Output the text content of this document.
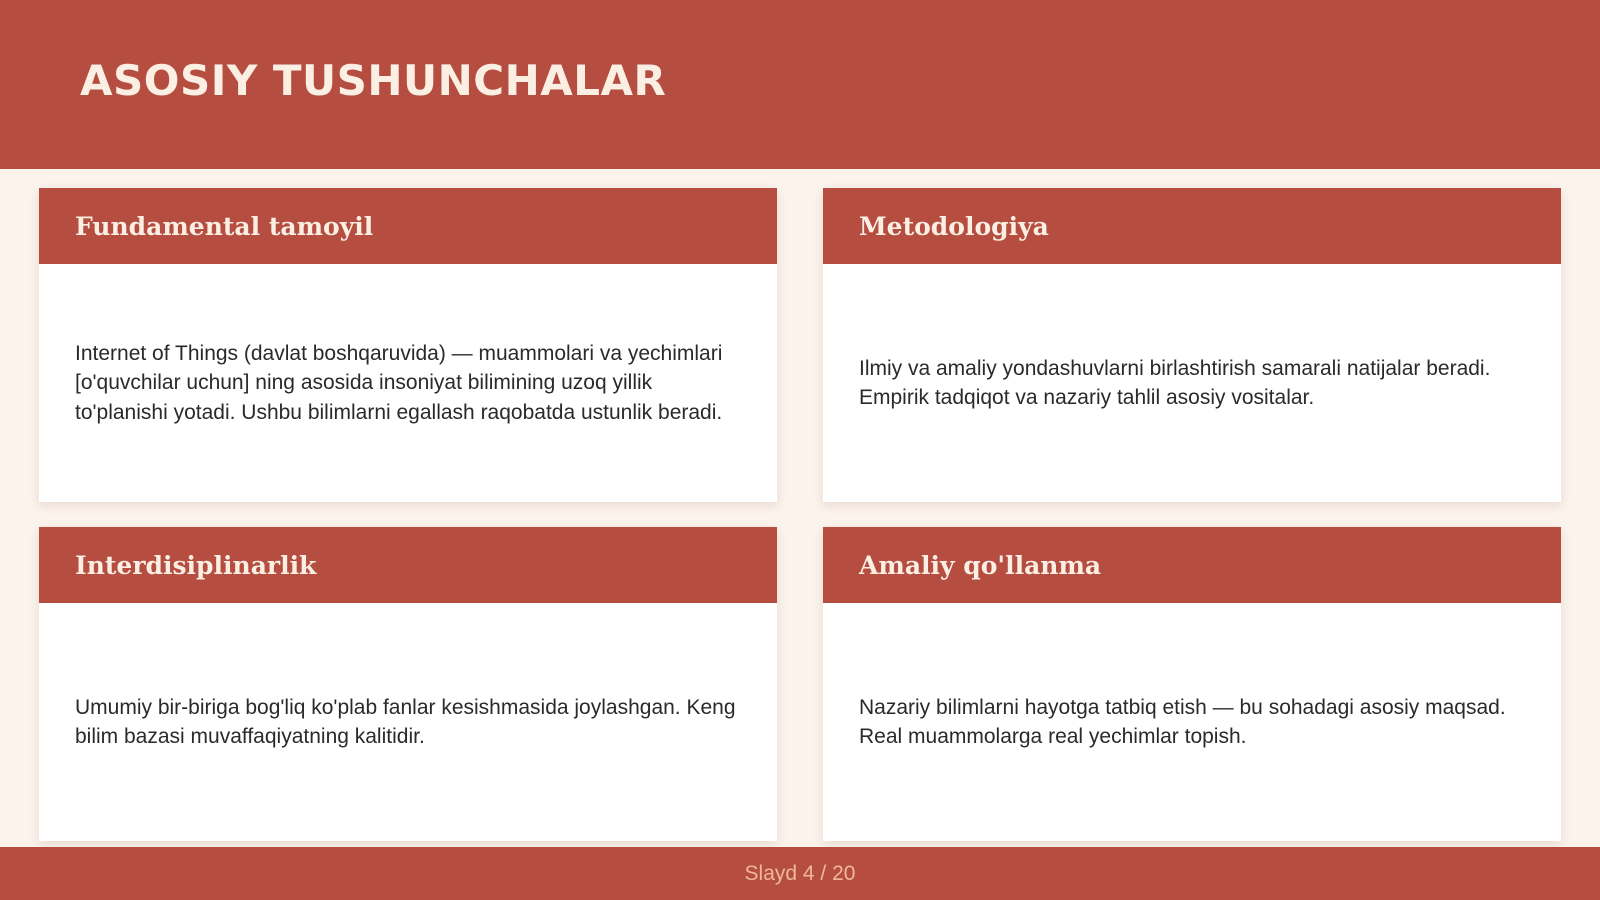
ASOSIY TUSHUNCHALAR
Fundamental tamoyil

Internet of Things (davlat boshqaruvida) — muammolari va yechimlari [o'quvchilar uchun] ning asosida insoniyat bilimining uzoq yillik to'planishi yotadi. Ushbu bilimlarni egallash raqobatda ustunlik beradi.

Metodologiya

Ilmiy va amaliy yondashuvlarni birlashtirish samarali natijalar beradi. Empirik tadqiqot va nazariy tahlil asosiy vositalar.

Interdisiplinarlik

Umumiy bir-biriga bog'liq ko'plab fanlar kesishmasida joylashgan. Keng bilim bazasi muvaffaqiyatning kalitidir.

Amaliy qo'llanma

Nazariy bilimlarni hayotga tatbiq etish — bu sohadagi asosiy maqsad. Real muammolarga real yechimlar topish.

Slayd 4 / 20
